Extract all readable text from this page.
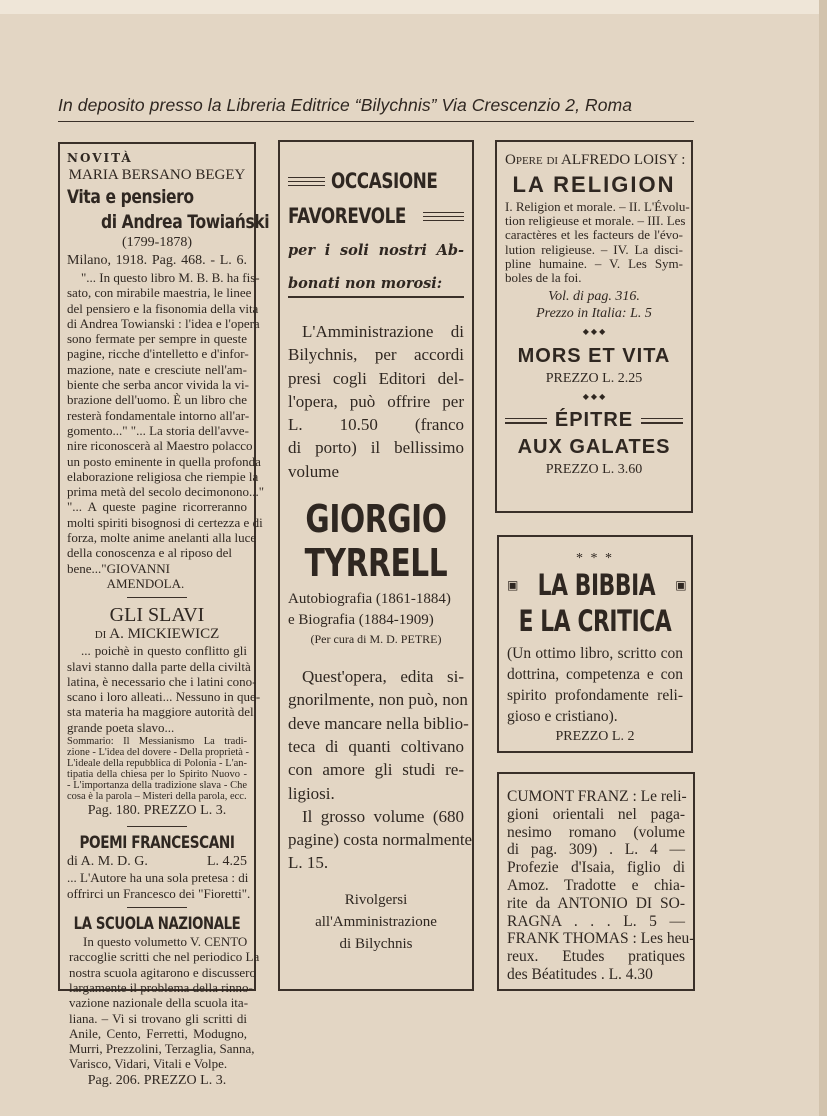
In deposito presso la Libreria Editrice “Bilychnis” Via Crescenzio 2, Roma
NOVITÀ
MARIA BERSANO BEGEY
Vita e pensiero
di Andrea Towiański
(1799-1878)
Milano, 1918. Pag. 468. - L. 6.
"... In questo libro M. B. B. ha fis-
sato, con mirabile maestria, le linee
del pensiero e la fisonomia della vita
di Andrea Towianski : l'idea e l'opera
sono fermate per sempre in queste
pagine, ricche d'intelletto e d'infor-
mazione, nate e cresciute nell'am-
biente che serba ancor vivida la vi-
brazione dell'uomo. È un libro che
resterà fondamentale intorno all'ar-
gomento..." "... La storia dell'avve-
nire riconoscerà al Maestro polacco
un posto eminente in quella profonda
elaborazione religiosa che riempie la
prima metà del secolo decimonono..."
"... A queste pagine ricorreranno
molti spiriti bisognosi di certezza e di
forza, molte anime anelanti alla luce
della conoscenza e al riposo del
bene..." GIOVANNI AMENDOLA.
GLI SLAVI
di A. MICKIEWICZ
... poichè in questo conflitto gli
slavi stanno dalla parte della civiltà
latina, è necessario che i latini cono-
scano i loro alleati... Nessuno in que-
sta materia ha maggiore autorità del
grande poeta slavo...
Sommario: Il Messianismo La tradi-
zione - L'idea del dovere - Della proprietà -
L'ideale della repubblica di Polonia - L'an-
tipatia della chiesa per lo Spirito Nuovo -
- L'importanza della tradizione slava - Che
cosa è la parola – Misteri della parola, ecc.
Pag. 180. PREZZO L. 3.
POEMI FRANCESCANI
di A. M. D. G.	L. 4.25
... L'Autore ha una sola pretesa : di
offrirci un Francesco dei "Fioretti".
LA SCUOLA NAZIONALE
In questo volumetto V. CENTO
raccoglie scritti che nel periodico La
nostra scuola agitarono e discussero
largamente il problema della rinno-
vazione nazionale della scuola ita-
liana. – Vi si trovano gli scritti di
Anile, Cento, Ferretti, Modugno,
Murri, Prezzolini, Terzaglia, Sanna,
Varisco, Vidari, Vitali e Volpe.
Pag. 206. PREZZO L. 3.
OCCASIONE
FAVOREVOLE
per i soli nostri Ab-
bonati non morosi:
L'Amministrazione di
Bilychnis, per accordi
presi cogli Editori del-
l'opera, può offrire per
L. 10.50 (franco
di porto) il bellissimo
volume
GIORGIO
TYRRELL
Autobiografia (1861-1884)
e Biografia (1884-1909)
(Per cura di M. D. PETRE)
Quest'opera, edita si-
gnorilmente, non può, non
deve mancare nella biblio-
teca di quanti coltivano
con amore gli studi re-
ligiosi.
Il grosso volume (680
pagine) costa normalmente
L. 15.
Rivolgersi
all'Amministrazione
di Bilychnis
Opere di ALFREDO LOISY :
LA RELIGION
I. Religion et morale. – II. L'Évolu-
tion religieuse et morale. – III. Les
caractères et les facteurs de l'évo-
lution religieuse. – IV. La disci-
pline humaine. – V. Les Sym-
boles de la foi.
Vol. di pag. 316.
Prezzo in Italia: L. 5
◆ ◆ ◆
MORS ET VITA
PREZZO L. 2.25
◆ ◆ ◆
ÉPITRE
AUX GALATES
PREZZO L. 3.60
* * *
▣ LA BIBBIA ▣
E LA CRITICA
(Un ottimo libro, scritto con
dottrina, competenza e con
spirito profondamente reli-
gioso e cristiano).
PREZZO L. 2
CUMONT FRANZ : Le reli-
gioni orientali nel paga-
nesimo romano (volume
di pag. 309) . L. 4 —
Profezie d'Isaia, figlio di
Amoz. Tradotte e chia-
rite da ANTONIO DI SO-
RAGNA . . . L. 5 —
FRANK THOMAS : Les heu-
reux. Etudes pratiques
des Béatitudes . L. 4.30
